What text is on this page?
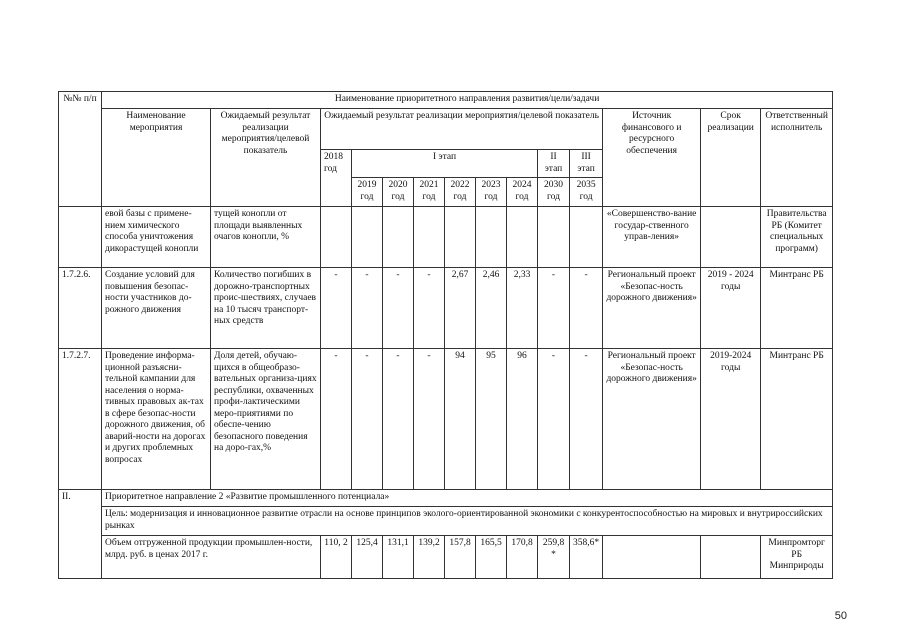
№№ п/п	Наименование приоритетного направления развития/цели/задачи													
	Наименование мероприятия	Ожидаемый результат реализации мероприятия/целевой показатель	Ожидаемый результат реализации мероприятия/целевой показатель									Источник финансового и ресурсного обеспечения	Срок реализации	Ответственный исполнитель
			2018 год	I этап						II этап	III этап			
				2019 год	2020 год	2021 год	2022 год	2023 год	2024 год	2030 год	2035 год			
	евой базы с примене-нием химического способа уничтожения дикорастущей конопли	тущей конопли от площади выявленных очагов конопли, %										«Совершенство-вание государ-ственного управ-ления»		Правительства РБ (Комитет специальных программ)
1.7.2.6.	Создание условий для повышения безопас-ности участников до-рожного движения	Количество погибших в дорожно-транспортных проис-шествиях, случаев на 10 тысяч транспорт-ных средств	-	-	-	-	2,67	2,46	2,33	-	-	Региональный проект «Безопас-ность дорожного движения»	2019 - 2024 годы	Минтранс РБ
1.7.2.7.	Проведение информа-ционной разъясни-тельной кампании для населения о норма-тивных правовых ак-тах в сфере безопас-ности дорожного движения, об аварий-ности на дорогах и других проблемных вопросах	Доля детей, обучаю-щихся в общеобразо-вательных организа-циях республики, охваченных профи-лактическими меро-приятиями по обеспе-чению безопасного поведения на доро-гах,%	-	-	-	-	94	95	96	-	-	Региональный проект «Безопас-ность дорожного движения»	2019-2024 годы	Минтранс РБ
II.	Приоритетное направление 2 «Развитие промышленного потенциала»													
	Цель: модернизация и инновационное развитие отрасли на основе принципов эколого-ориентированной экономики с конкурентоспособностью на мировых и внутрироссийских рынках													
	Объем отгруженной продукции промышлен-ности, млрд. руб. в ценах 2017 г.		110, 2	125,4	131,1	139,2	157,8	165,5	170,8	259,8 *	358,6*			Минпромторг РБ Минприроды
50
